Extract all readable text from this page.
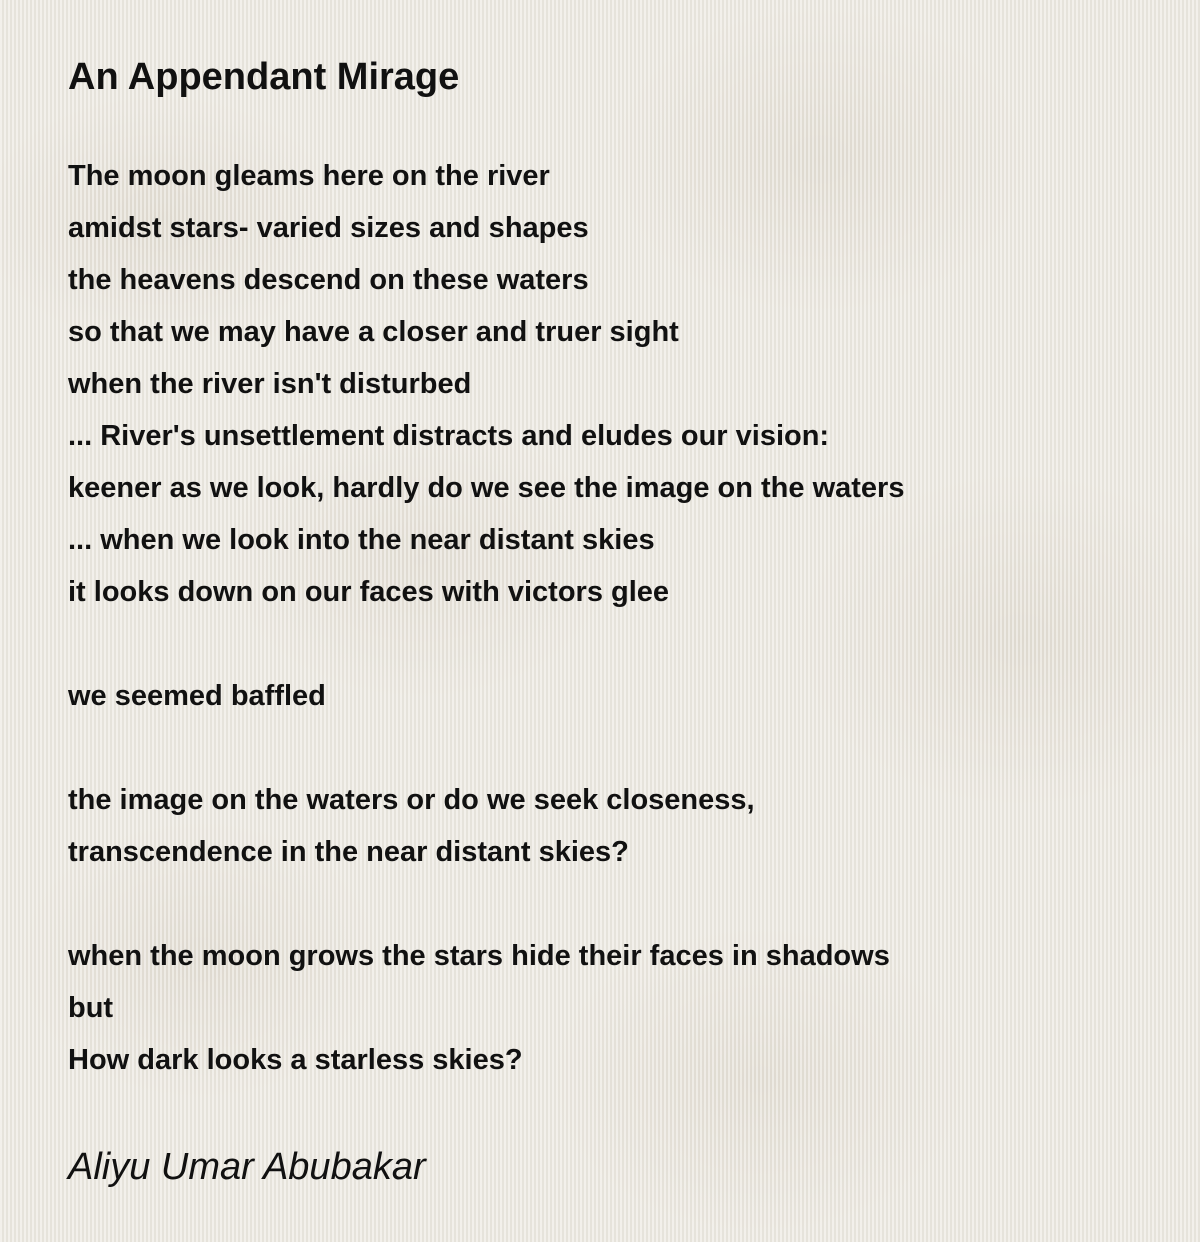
An Appendant Mirage
The moon gleams here on the river
amidst stars- varied sizes and shapes
the heavens descend on these waters
so that we may have a closer and truer sight
when the river isn't disturbed
... River's unsettlement distracts and eludes our vision:
keener as we look, hardly do we see the image on the waters
... when we look into the near distant skies
it looks down on our faces with victors glee
we seemed baffled
the image on the waters or do we seek closeness,
transcendence in the near distant skies?
when the moon grows the stars hide their faces in shadows
but
How dark looks a starless skies?

Aliyu Umar Abubakar
